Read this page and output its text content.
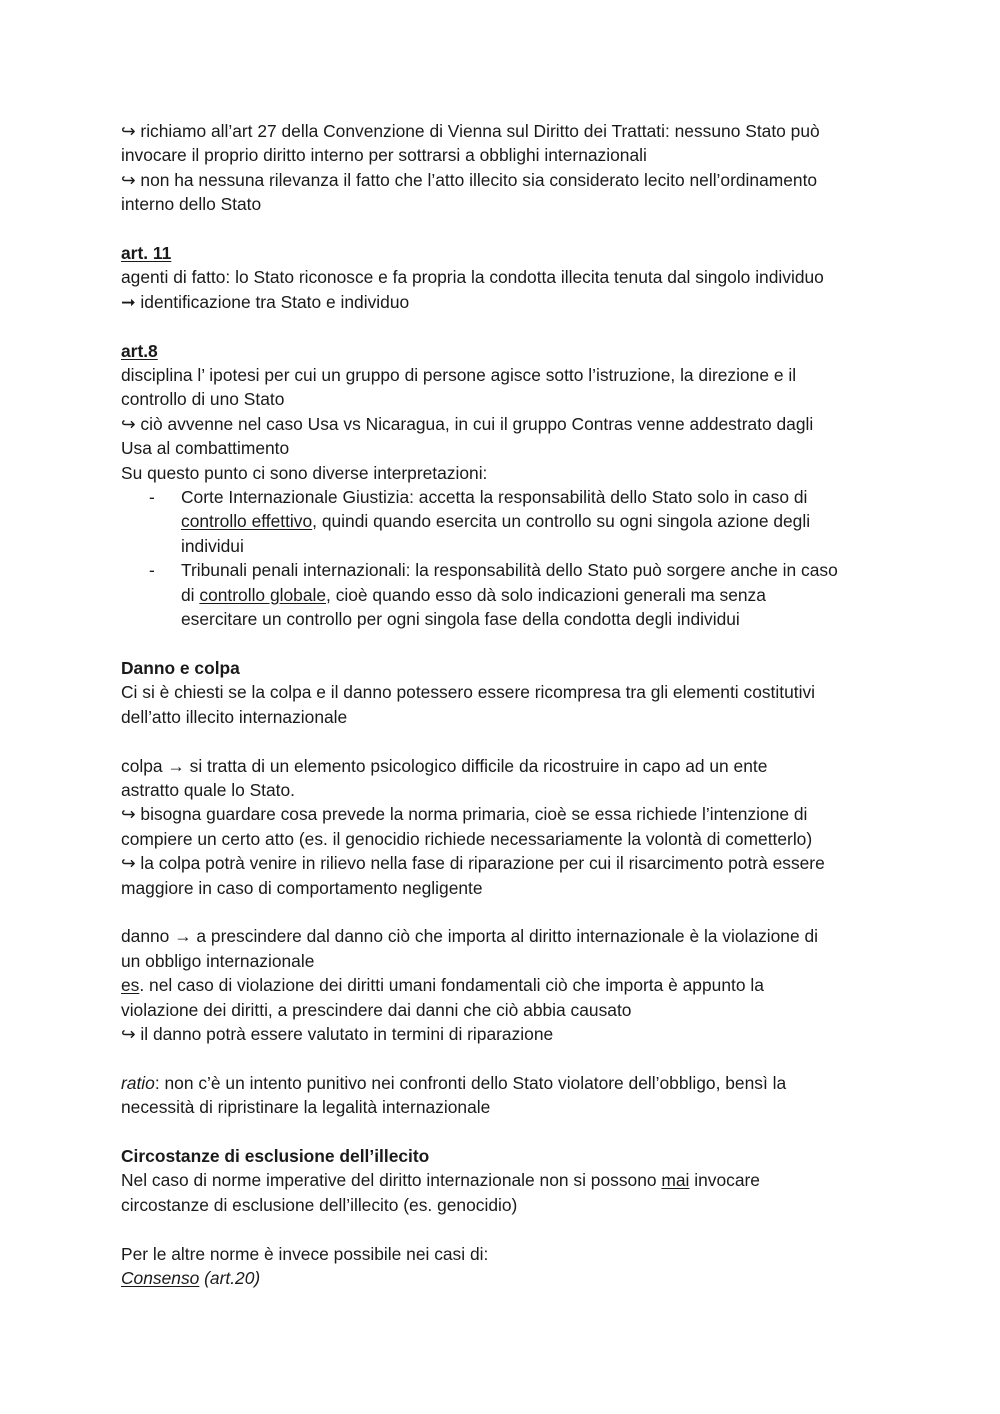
↪ richiamo all’art 27 della Convenzione di Vienna sul Diritto dei Trattati: nessuno Stato può
invocare il proprio diritto interno per sottrarsi a obblighi internazionali
↪ non ha nessuna rilevanza il fatto che l’atto illecito sia considerato lecito nell’ordinamento
interno dello Stato
art. 11
agenti di fatto: lo Stato riconosce e fa propria la condotta illecita tenuta dal singolo individuo
➞ identificazione tra Stato e individuo
art.8
disciplina l’ ipotesi per cui un gruppo di persone agisce sotto l’istruzione, la direzione e il
controllo di uno Stato
↪ ciò avvenne nel caso Usa vs Nicaragua, in cui il gruppo Contras venne addestrato dagli
Usa al combattimento
Su questo punto ci sono diverse interpretazioni:
- Corte Internazionale Giustizia: accetta la responsabilità dello Stato solo in caso di
controllo effettivo, quindi quando esercita un controllo su ogni singola azione degli
individui
- Tribunali penali internazionali: la responsabilità dello Stato può sorgere anche in caso
di controllo globale, cioè quando esso dà solo indicazioni generali ma senza
esercitare un controllo per ogni singola fase della condotta degli individui
Danno e colpa
Ci si è chiesti se la colpa e il danno potessero essere ricompresa tra gli elementi costitutivi
dell’atto illecito internazionale
colpa → si tratta di un elemento psicologico difficile da ricostruire in capo ad un ente
astratto quale lo Stato.
↪ bisogna guardare cosa prevede la norma primaria, cioè se essa richiede l’intenzione di
compiere un certo atto (es. il genocidio richiede necessariamente la volontà di cometterlo)
↪ la colpa potrà venire in rilievo nella fase di riparazione per cui il risarcimento potrà essere
maggiore in caso di comportamento negligente
danno → a prescindere dal danno ciò che importa al diritto internazionale è la violazione di
un obbligo internazionale
es. nel caso di violazione dei diritti umani fondamentali ciò che importa è appunto la
violazione dei diritti, a prescindere dai danni che ciò abbia causato
↪ il danno potrà essere valutato in termini di riparazione
ratio: non c’è un intento punitivo nei confronti dello Stato violatore dell’obbligo, bensì la
necessità di ripristinare la legalità internazionale
Circostanze di esclusione dell’illecito
Nel caso di norme imperative del diritto internazionale non si possono mai invocare
circostanze di esclusione dell’illecito (es. genocidio)
Per le altre norme è invece possibile nei casi di:
Consenso (art.20)
